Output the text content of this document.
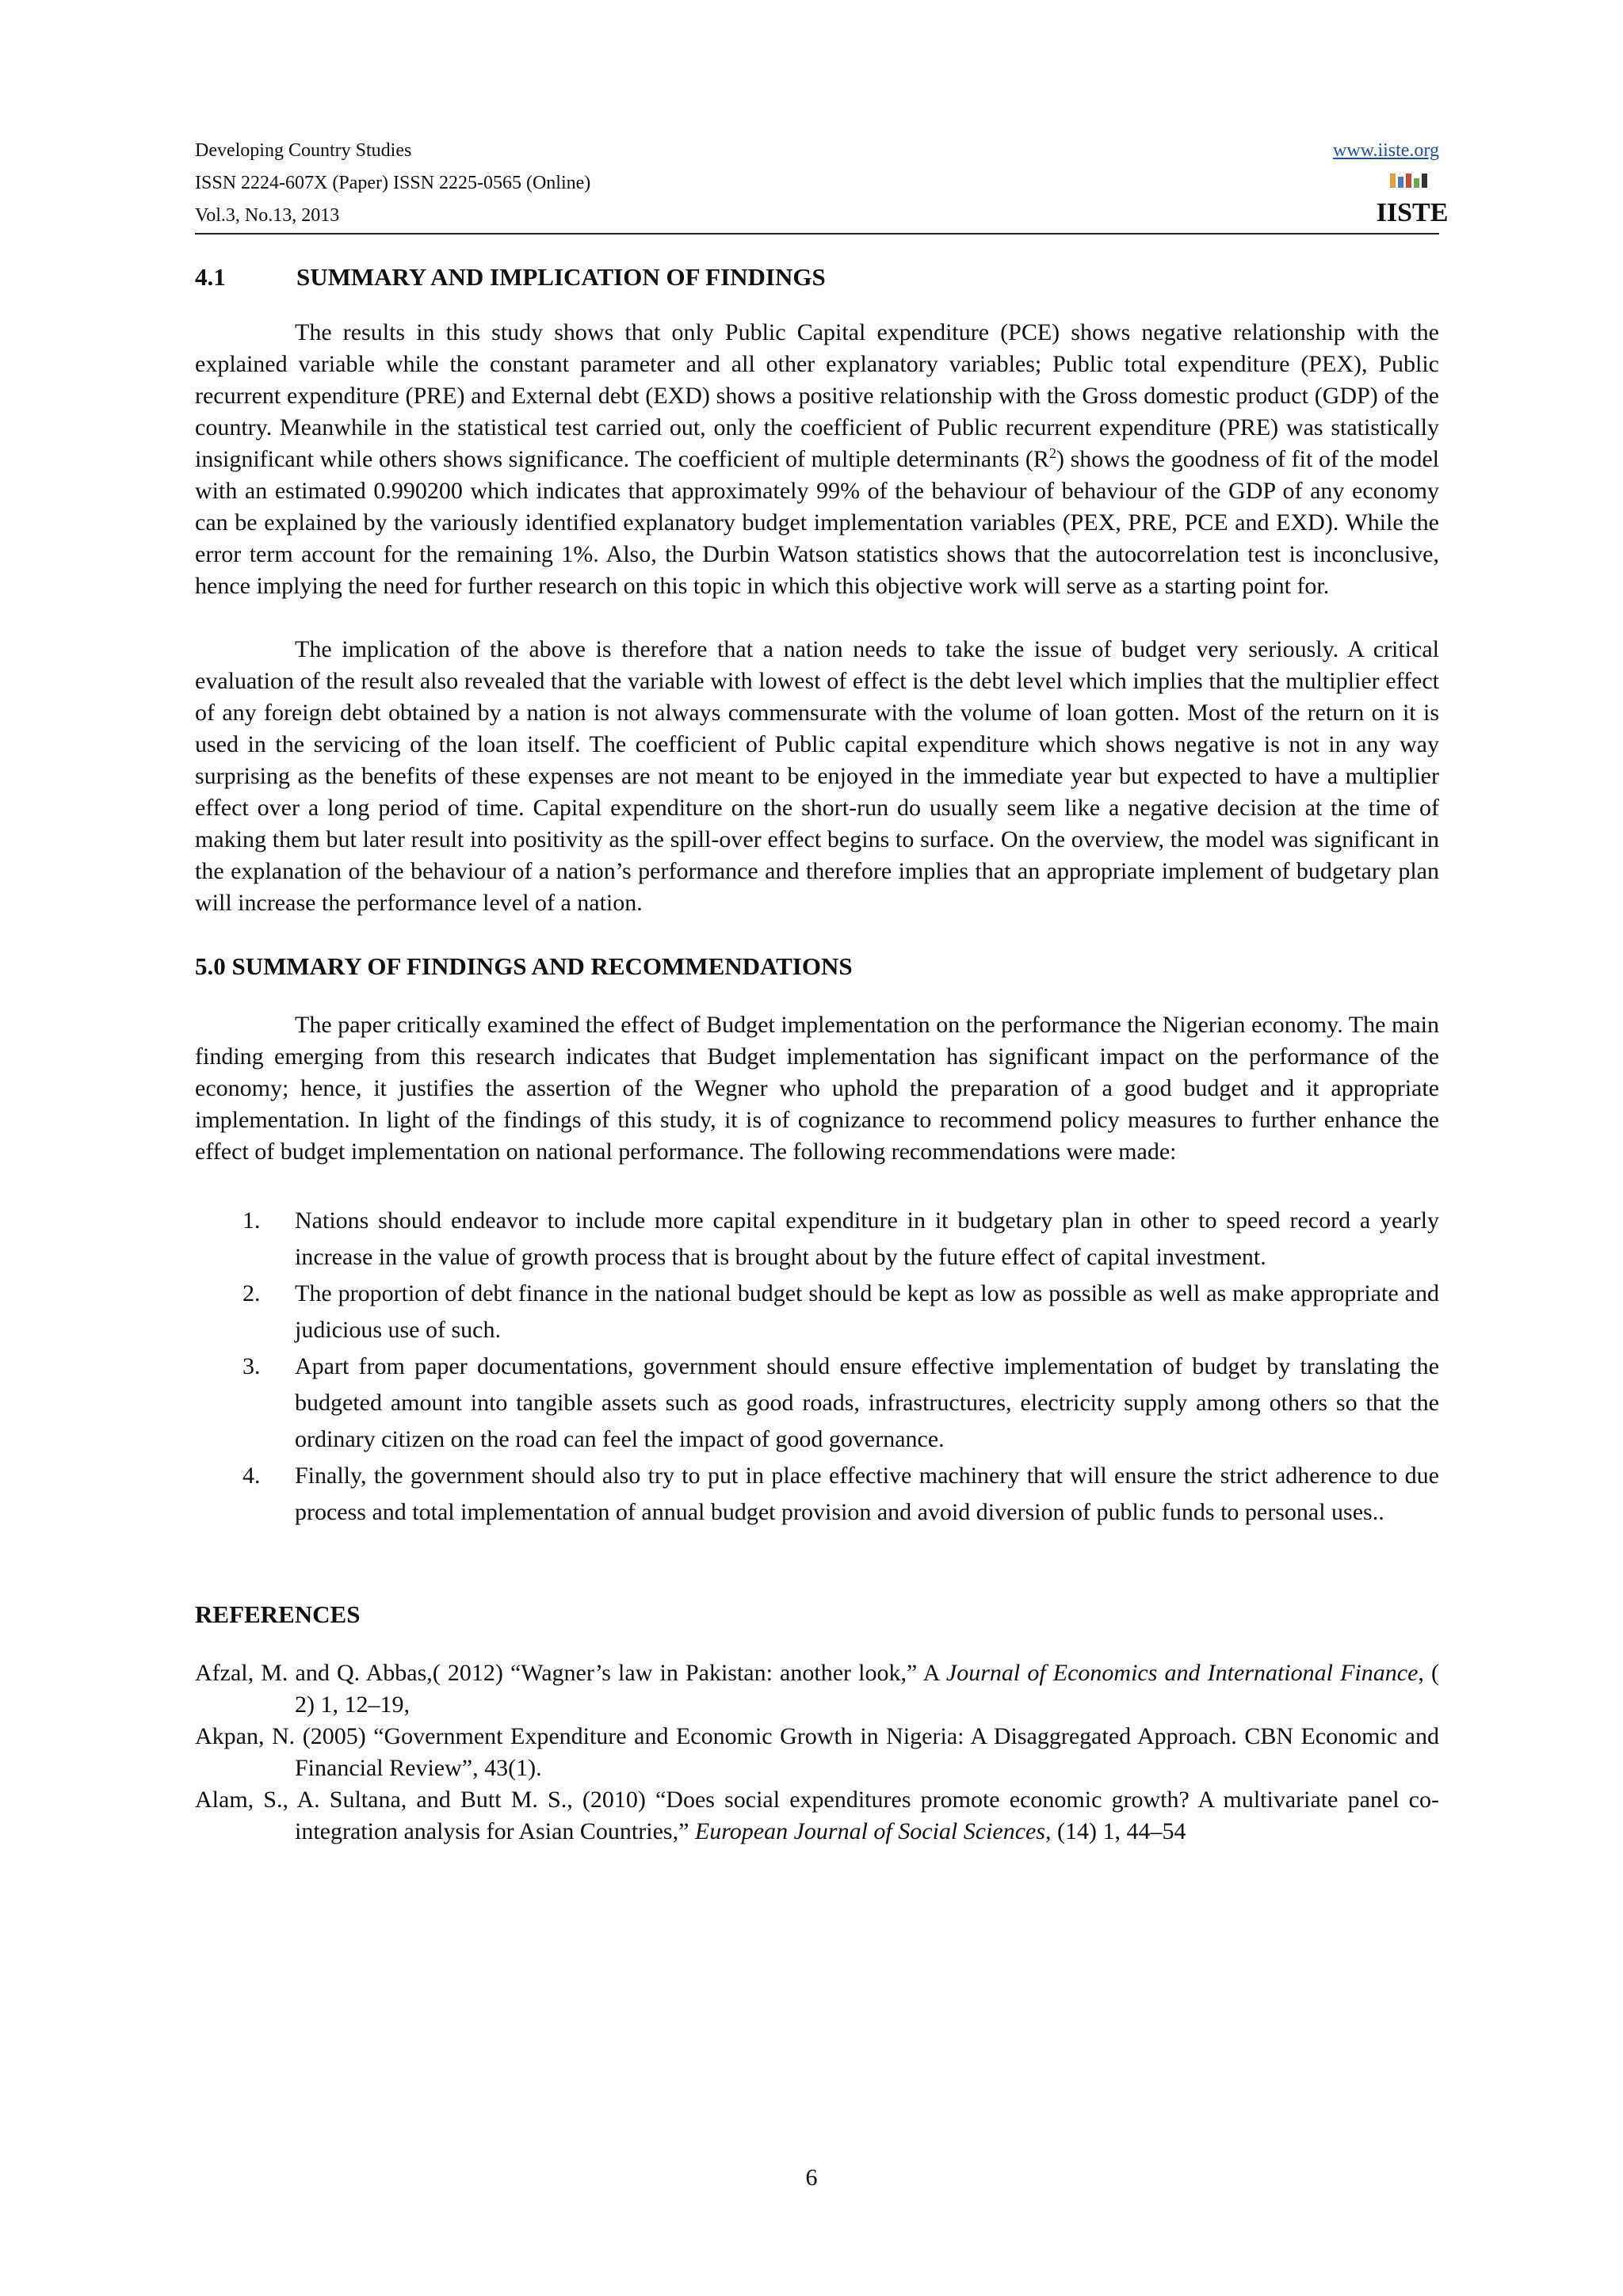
Developing Country Studies
ISSN 2224-607X (Paper) ISSN 2225-0565 (Online)
Vol.3, No.13, 2013
www.iiste.org
IISTE
4.1	SUMMARY AND IMPLICATION OF FINDINGS

The results in this study shows that only Public Capital expenditure (PCE) shows negative relationship with the explained variable while the constant parameter and all other explanatory variables; Public total expenditure (PEX), Public recurrent expenditure (PRE) and External debt (EXD) shows a positive relationship with the Gross domestic product (GDP) of the country. Meanwhile in the statistical test carried out, only the coefficient of Public recurrent expenditure (PRE) was statistically insignificant while others shows significance. The coefficient of multiple determinants $(R^2)$ shows the goodness of fit of the model with an estimated 0.990200 which indicates that approximately 99% of the behaviour of behaviour of the GDP of any economy can be explained by the variously identified explanatory budget implementation variables (PEX, PRE, PCE and EXD). While the error term account for the remaining 1%. Also, the Durbin Watson statistics shows that the autocorrelation test is inconclusive, hence implying the need for further research on this topic in which this objective work will serve as a starting point for.

The implication of the above is therefore that a nation needs to take the issue of budget very seriously. A critical evaluation of the result also revealed that the variable with lowest of effect is the debt level which implies that the multiplier effect of any foreign debt obtained by a nation is not always commensurate with the volume of loan gotten. Most of the return on it is used in the servicing of the loan itself. The coefficient of Public capital expenditure which shows negative is not in any way surprising as the benefits of these expenses are not meant to be enjoyed in the immediate year but expected to have a multiplier effect over a long period of time. Capital expenditure on the short-run do usually seem like a negative decision at the time of making them but later result into positivity as the spill-over effect begins to surface. On the overview, the model was significant in the explanation of the behaviour of a nation’s performance and therefore implies that an appropriate implement of budgetary plan will increase the performance level of a nation.

5.0 SUMMARY OF FINDINGS AND RECOMMENDATIONS

The paper critically examined the effect of Budget implementation on the performance the Nigerian economy. The main finding emerging from this research indicates that Budget implementation has significant impact on the performance of the economy; hence, it justifies the assertion of the Wegner who uphold the preparation of a good budget and it appropriate implementation. In light of the findings of this study, it is of cognizance to recommend policy measures to further enhance the effect of budget implementation on national performance. The following recommendations were made:

1. Nations should endeavor to include more capital expenditure in it budgetary plan in other to speed record a yearly increase in the value of growth process that is brought about by the future effect of capital investment.
2. The proportion of debt finance in the national budget should be kept as low as possible as well as make appropriate and judicious use of such.
3. Apart from paper documentations, government should ensure effective implementation of budget by translating the budgeted amount into tangible assets such as good roads, infrastructures, electricity supply among others so that the ordinary citizen on the road can feel the impact of good governance.
4. Finally, the government should also try to put in place effective machinery that will ensure the strict adherence to due process and total implementation of annual budget provision and avoid diversion of public funds to personal uses..
REFERENCES

Afzal, M. and Q. Abbas,( 2012) “Wagner’s law in Pakistan: another look,” A Journal of Economics and International Finance, ( 2) 1, 12–19,

Akpan, N. (2005) “Government Expenditure and Economic Growth in Nigeria: A Disaggregated Approach. CBN Economic and Financial Review”, 43(1).

Alam, S., A. Sultana, and Butt M. S., (2010) “Does social expenditures promote economic growth? A multivariate panel co-integration analysis for Asian Countries,” European Journal of Social Sciences, (14) 1, 44–54

6
